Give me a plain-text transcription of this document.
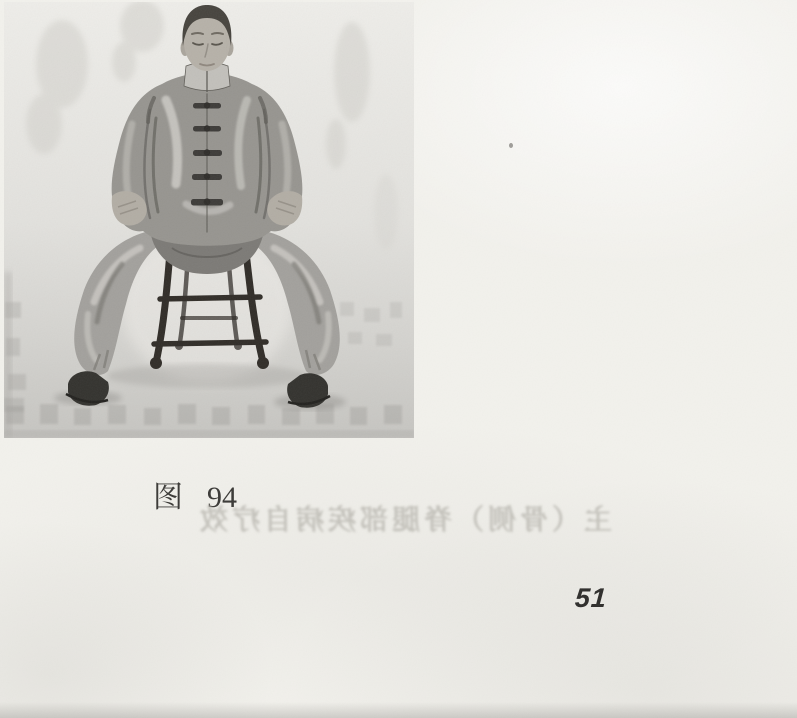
图 94
主（骨侧）脊腿部疾病自疗效
51
